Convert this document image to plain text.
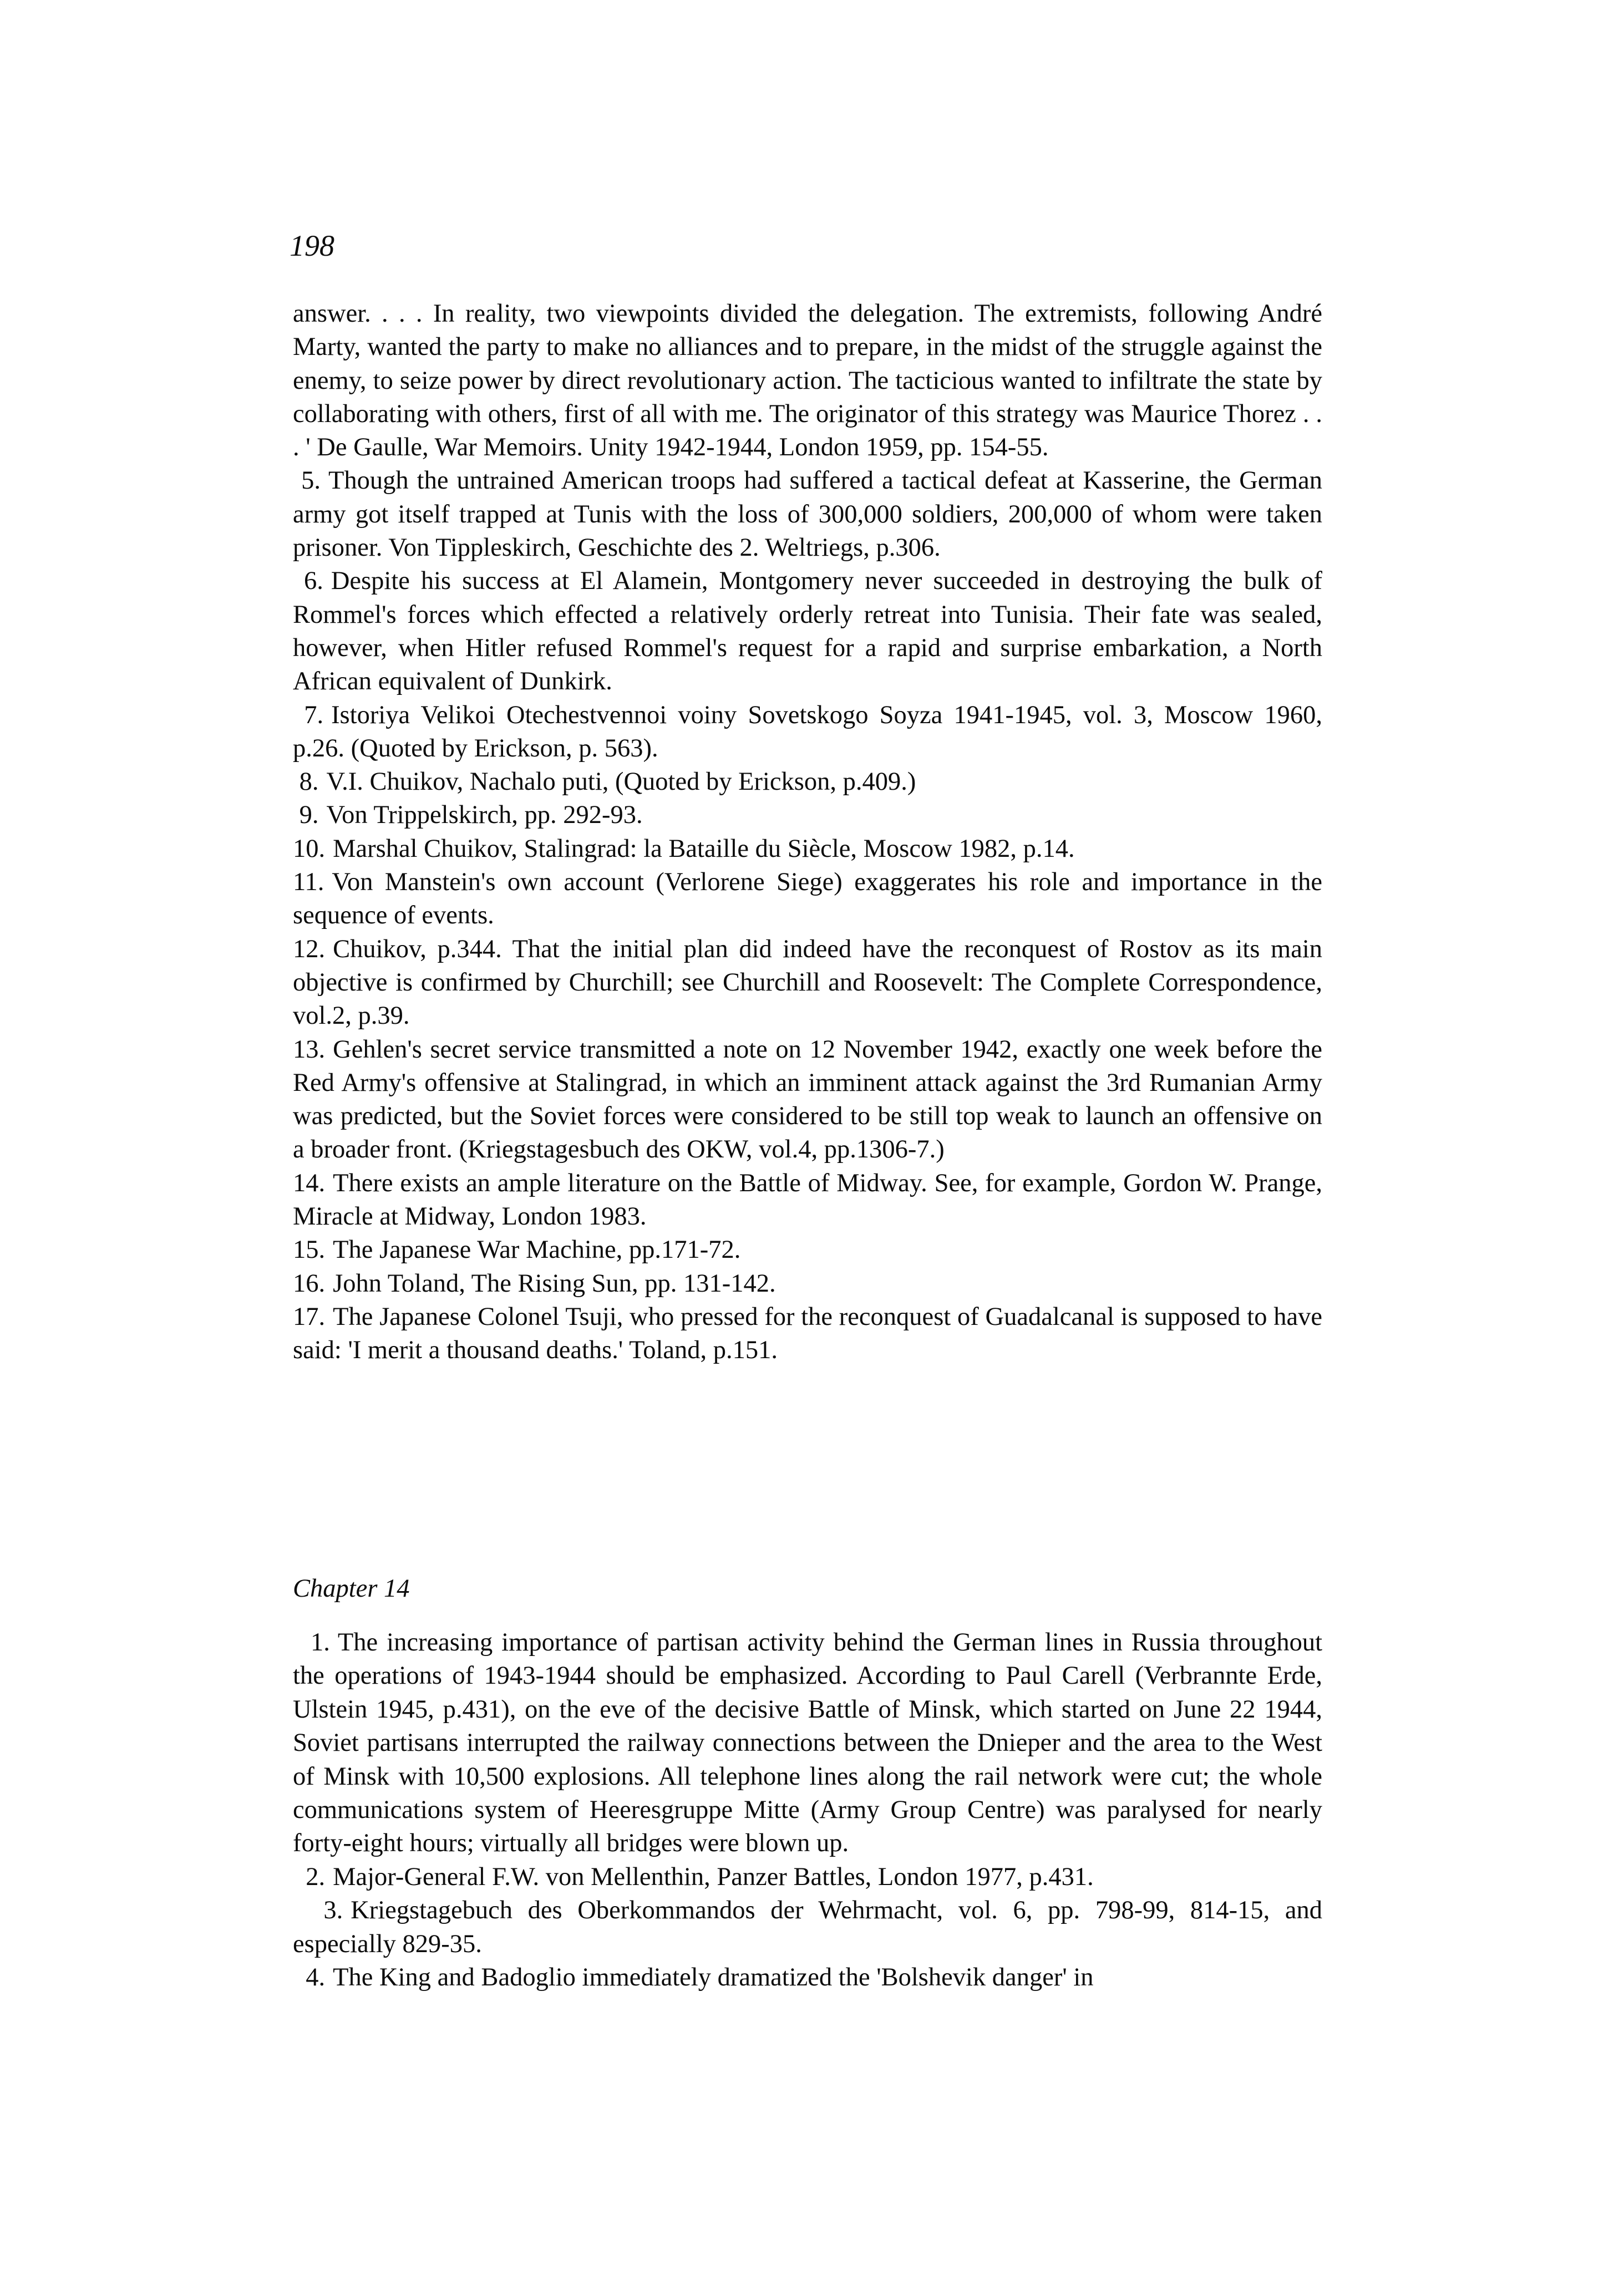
198

answer. . . . In reality, two viewpoints divided the delegation. The extremists, following André Marty, wanted the party to make no alliances and to prepare, in the midst of the struggle against the enemy, to seize power by direct revolutionary action. The tacticious wanted to infiltrate the state by collaborating with others, first of all with me. The originator of this strategy was Maurice Thorez . . . ' De Gaulle, War Memoirs. Unity 1942-1944, London 1959, pp. 154-55.

5. Though the untrained American troops had suffered a tactical defeat at Kasserine, the German army got itself trapped at Tunis with the loss of 300,000 soldiers, 200,000 of whom were taken prisoner. Von Tippleskirch, Geschichte des 2. Weltriegs, p.306.

6. Despite his success at El Alamein, Montgomery never succeeded in destroying the bulk of Rommel's forces which effected a relatively orderly retreat into Tunisia. Their fate was sealed, however, when Hitler refused Rommel's request for a rapid and surprise embarkation, a North African equivalent of Dunkirk.

7. Istoriya Velikoi Otechestvennoi voiny Sovetskogo Soyza 1941-1945, vol. 3, Moscow 1960, p.26. (Quoted by Erickson, p. 563).

8. V.I. Chuikov, Nachalo puti, (Quoted by Erickson, p.409.)

9. Von Trippelskirch, pp. 292-93.

10. Marshal Chuikov, Stalingrad: la Bataille du Siècle, Moscow 1982, p.14.

11. Von Manstein's own account (Verlorene Siege) exaggerates his role and importance in the sequence of events.

12. Chuikov, p.344. That the initial plan did indeed have the reconquest of Rostov as its main objective is confirmed by Churchill; see Churchill and Roosevelt: The Complete Correspondence, vol.2, p.39.

13. Gehlen's secret service transmitted a note on 12 November 1942, exactly one week before the Red Army's offensive at Stalingrad, in which an imminent attack against the 3rd Rumanian Army was predicted, but the Soviet forces were considered to be still top weak to launch an offensive on a broader front. (Kriegstagesbuch des OKW, vol.4, pp.1306-7.)

14. There exists an ample literature on the Battle of Midway. See, for example, Gordon W. Prange, Miracle at Midway, London 1983.

15. The Japanese War Machine, pp.171-72.

16. John Toland, The Rising Sun, pp. 131-142.

17. The Japanese Colonel Tsuji, who pressed for the reconquest of Guadalcanal is supposed to have said: 'I merit a thousand deaths.' Toland, p.151.

Chapter 14

1. The increasing importance of partisan activity behind the German lines in Russia throughout the operations of 1943-1944 should be emphasized. According to Paul Carell (Verbrannte Erde, Ulstein 1945, p.431), on the eve of the decisive Battle of Minsk, which started on June 22 1944, Soviet partisans interrupted the railway connections between the Dnieper and the area to the West of Minsk with 10,500 explosions. All telephone lines along the rail network were cut; the whole communications system of Heeresgruppe Mitte (Army Group Centre) was paralysed for nearly forty-eight hours; virtually all bridges were blown up.

2. Major-General F.W. von Mellenthin, Panzer Battles, London 1977, p.431.

3. Kriegstagebuch des Oberkommandos der Wehrmacht, vol. 6, pp. 798-99, 814-15, and especially 829-35.

4. The King and Badoglio immediately dramatized the 'Bolshevik danger' in
